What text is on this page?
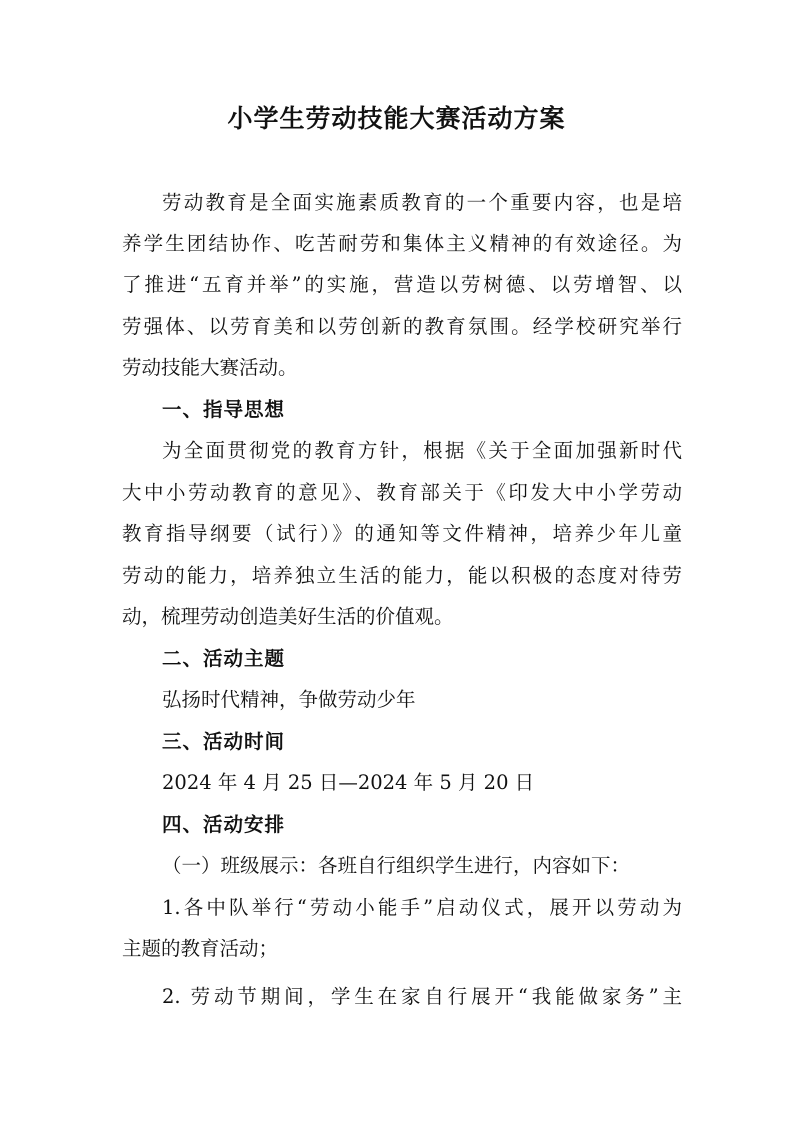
小学生劳动技能大赛活动方案
劳动教育是全面实施素质教育的一个重要内容，也是培
养学生团结协作、吃苦耐劳和集体主义精神的有效途径。为
了推进“五育并举”的实施，营造以劳树德、以劳增智、以
劳强体、以劳育美和以劳创新的教育氛围。经学校研究举行
劳动技能大赛活动。
一、指导思想
为全面贯彻党的教育方针，根据《关于全面加强新时代
大中小劳动教育的意见》、教育部关于《印发大中小学劳动
教育指导纲要（试行）》的通知等文件精神，培养少年儿童
劳动的能力，培养独立生活的能力，能以积极的态度对待劳
动，梳理劳动创造美好生活的价值观。
二、活动主题
弘扬时代精神，争做劳动少年
三、活动时间
2024 年 4 月 25 日—2024 年 5 月 20 日
四、活动安排
（一）班级展示：各班自行组织学生进行，内容如下：
1.各中队举行“劳动小能手”启动仪式，展开以劳动为
主题的教育活动；
2. 劳动节期间，学生在家自行展开“我能做家务”主
